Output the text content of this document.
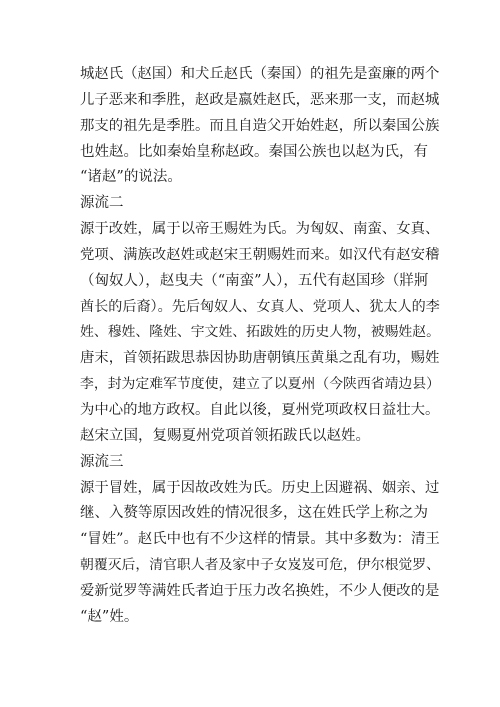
城赵氏（赵国）和犬丘赵氏（秦国）的祖先是蛮廉的两个
儿子恶来和季胜，赵政是嬴姓赵氏，恶来那一支，而赵城
那支的祖先是季胜。而且自造父开始姓赵，所以秦国公族
也姓赵。比如秦始皇称赵政。秦国公族也以赵为氏，有
“诸赵”的说法。
源流二
源于改姓，属于以帝王赐姓为氏。为匈奴、南蛮、女真、
党项、满族改赵姓或赵宋王朝赐姓而来。如汉代有赵安稽
（匈奴人），赵曳夫（“南蛮”人），五代有赵国珍（牂牁
酋长的后裔）。先后匈奴人、女真人、党项人、犹太人的李
姓、穆姓、隆姓、宇文姓、拓跋姓的历史人物，被赐姓赵。
唐末，首领拓跋思恭因协助唐朝镇压黄巢之乱有功，赐姓
李，封为定难军节度使，建立了以夏州（今陕西省靖边县）
为中心的地方政权。自此以後，夏州党项政权日益壮大。
赵宋立国，复赐夏州党项首领拓跋氏以赵姓。
源流三
源于冒姓，属于因故改姓为氏。历史上因避祸、姻亲、过
继、入赘等原因改姓的情况很多，这在姓氏学上称之为
“冒姓”。赵氏中也有不少这样的情景。其中多数为：清王
朝覆灭后，清官职人者及家中子女岌岌可危，伊尔根觉罗、
爱新觉罗等满姓氏者迫于压力改名换姓，不少人便改的是
“赵”姓。
